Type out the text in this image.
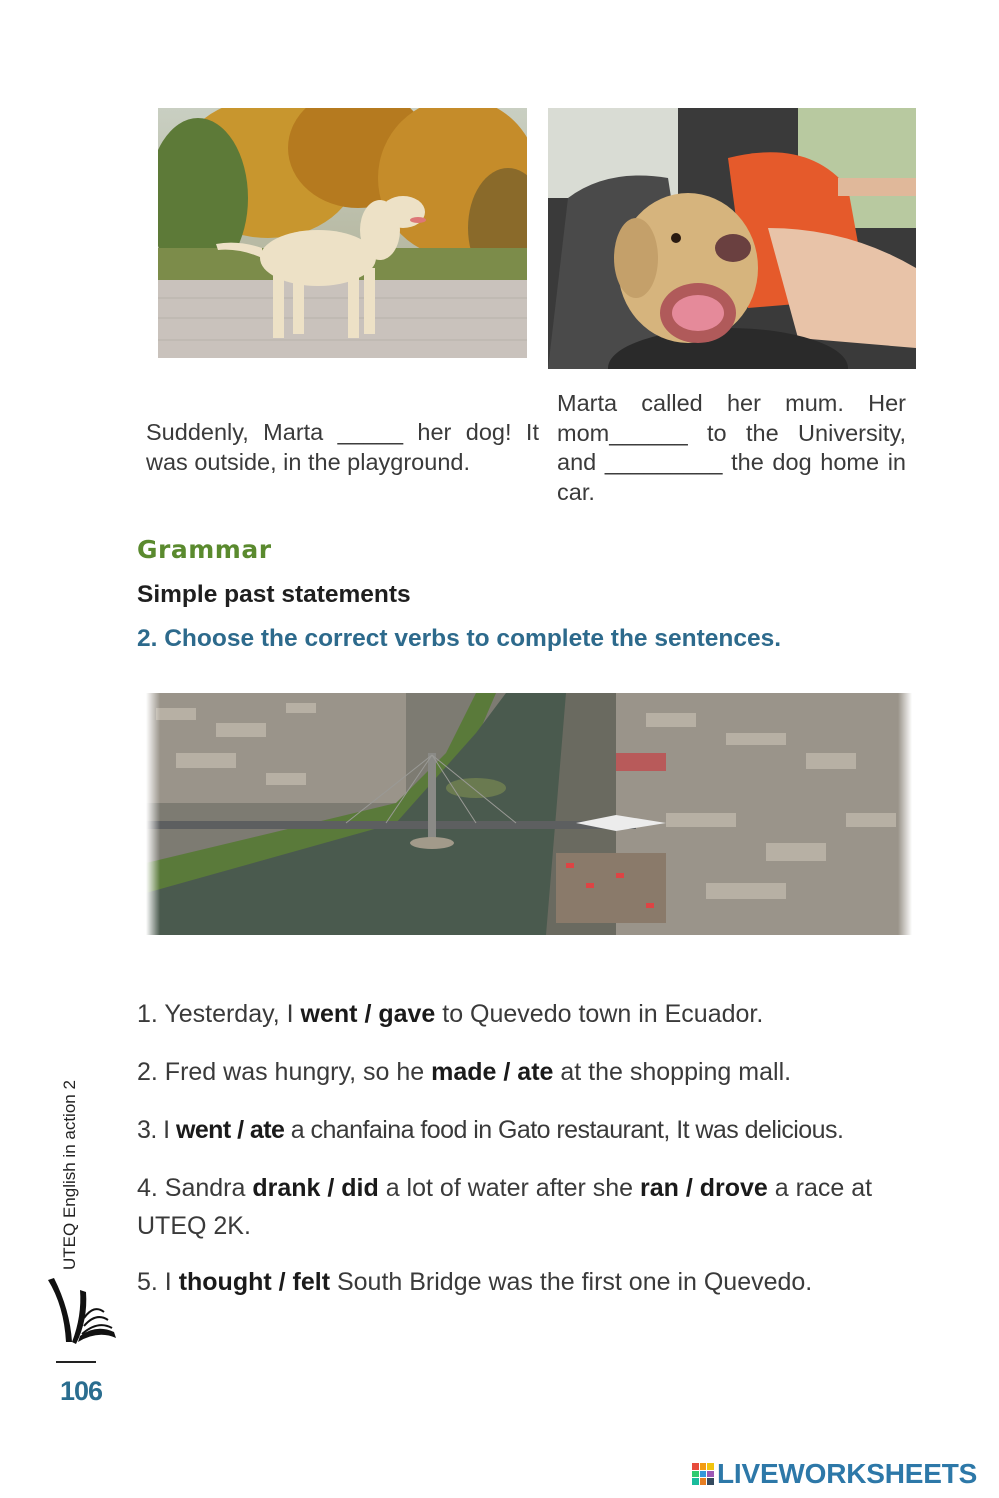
Suddenly, Marta _____ her dog! It was outside, in the playground.
Marta called her mum. Her mom______ to the University, and _________ the dog home in car.
Grammar
Simple past statements
2. Choose the correct verbs to complete the sentences.
1. Yesterday, I went / gave to Quevedo town in Ecuador.
2. Fred was hungry, so he made / ate at the shopping mall.
3. I went / ate a chanfaina food in Gato restaurant, It was delicious.
4. Sandra drank / did a lot of water after she ran / drove a race at UTEQ 2K.
5. I thought / felt South Bridge was the first one in Quevedo.
UTEQ English in action 2
106
LIVEWORKSHEETS
